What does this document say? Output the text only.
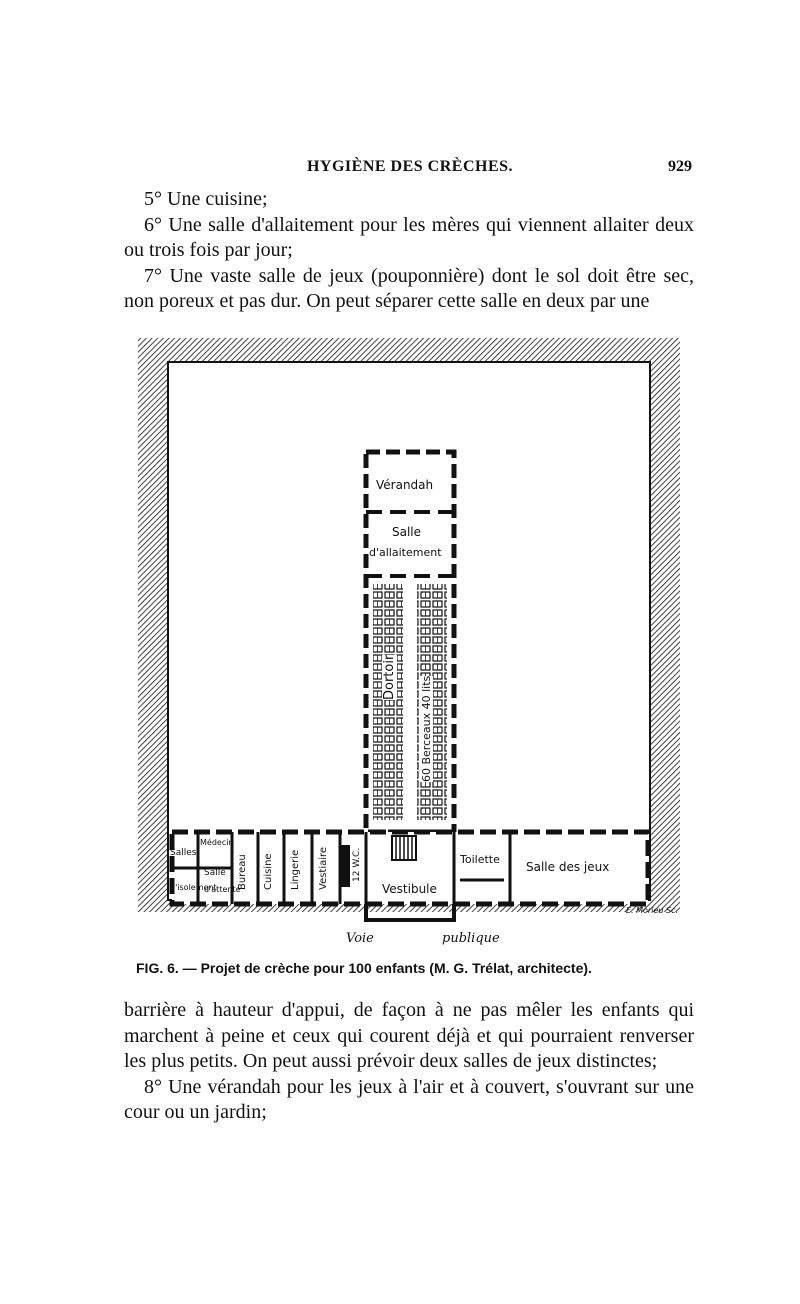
HYGIÈNE DES CRÈCHES.	929

5° Une cuisine;

6° Une salle d'allaitement pour les mères qui viennent allaiter deux ou trois fois par jour;

7° Une vaste salle de jeux (pouponnière) dont le sol doit être sec, non poreux et pas dur. On peut séparer cette salle en deux par une

Vérandah
Salle
d'allaitement
Dortoir 60 Berceaux 40 lits
Salles
Médecin
Salle
d'isolement
d'attente
Bureau Cuisine Lingerie Vestiaire	12 W.C.
Vestibule
Toilette
Salle des jeux
E. Morieu Sc.
Voie	publique
FIG. 6. — Projet de crèche pour 100 enfants (M. G. Trélat, architecte).

barrière à hauteur d'appui, de façon à ne pas mêler les enfants qui marchent à peine et ceux qui courent déjà et qui pourraient renverser les plus petits. On peut aussi prévoir deux salles de jeux distinctes;

8° Une vérandah pour les jeux à l'air et à couvert, s'ouvrant sur une cour ou un jardin;
